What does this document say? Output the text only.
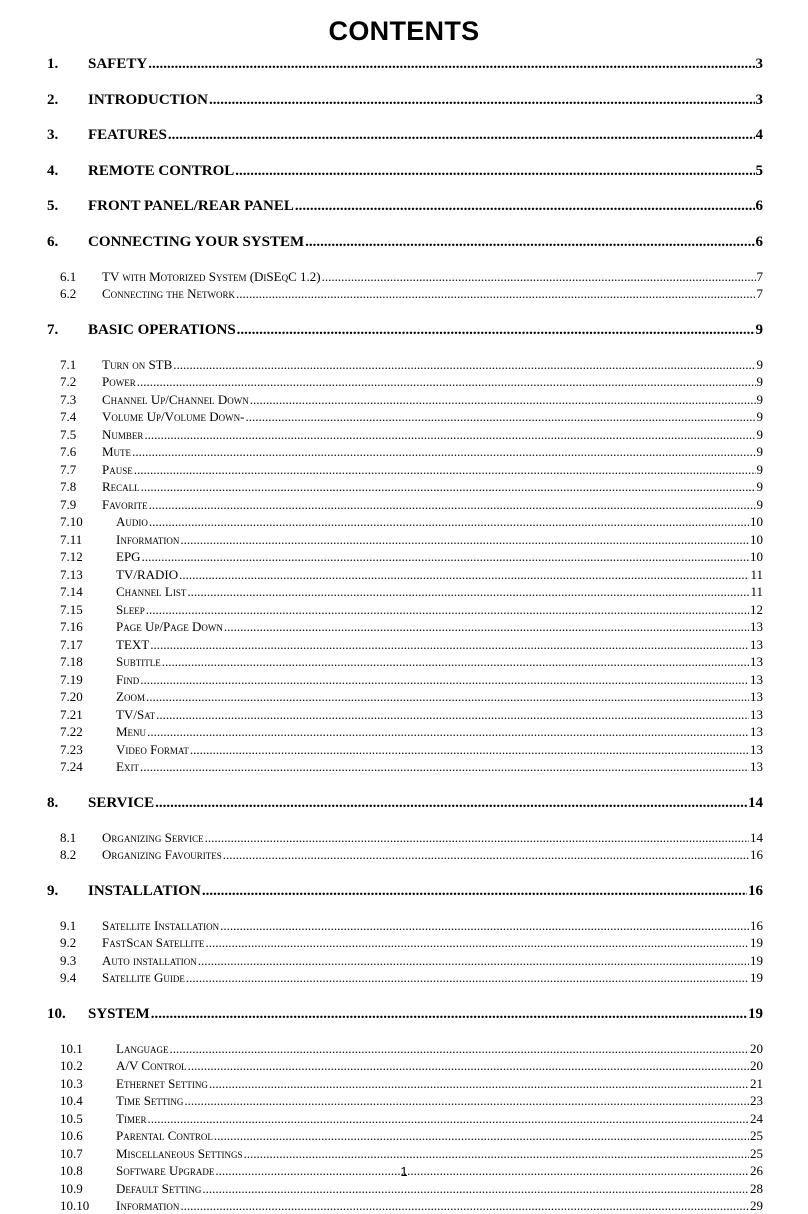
CONTENTS
1.	SAFETY .....	3
2.	INTRODUCTION .....	3
3.	FEATURES .....	4
4.	REMOTE CONTROL .....	5
5.	FRONT PANEL/REAR PANEL .....	6
6.	CONNECTING YOUR SYSTEM .....	6
6.1	TV with Motorized System (DiSEqC 1.2) .....	7
6.2	Connecting the Network .....	7
7.	BASIC OPERATIONS .....	9
7.1	Turn on STB .....	9
7.2	Power .....	9
7.3	Channel Up/Channel Down .....	9
7.4	Volume Up/Volume Down- .....	9
7.5	Number .....	9
7.6	Mute .....	9
7.7	Pause .....	9
7.8	Recall .....	9
7.9	Favorite .....	9
7.10	Audio .....	10
7.11	Information .....	10
7.12	EPG .....	10
7.13	TV/RADIO .....	11
7.14	Channel List .....	11
7.15	Sleep .....	12
7.16	Page Up/Page Down .....	13
7.17	TEXT .....	13
7.18	Subtitle .....	13
7.19	Find .....	13
7.20	Zoom .....	13
7.21	TV/Sat .....	13
7.22	Menu .....	13
7.23	Video Format .....	13
7.24	Exit .....	13
8.	SERVICE .....	14
8.1	Organizing Service .....	14
8.2	Organizing Favourites .....	16
9.	INSTALLATION .....	16
9.1	Satellite Installation .....	16
9.2	FastScan Satellite .....	19
9.3	Auto installation .....	19
9.4	Satellite Guide .....	19
10.	SYSTEM .....	19
10.1	Language .....	20
10.2	A/V Control .....	20
10.3	Ethernet Setting .....	21
10.4	Time Setting .....	23
10.5	Timer .....	24
10.6	Parental Control .....	25
10.7	Miscellaneous Settings .....	25
10.8	Software Upgrade .....	26
10.9	Default Setting .....	28
10.10	Information .....	29
1
